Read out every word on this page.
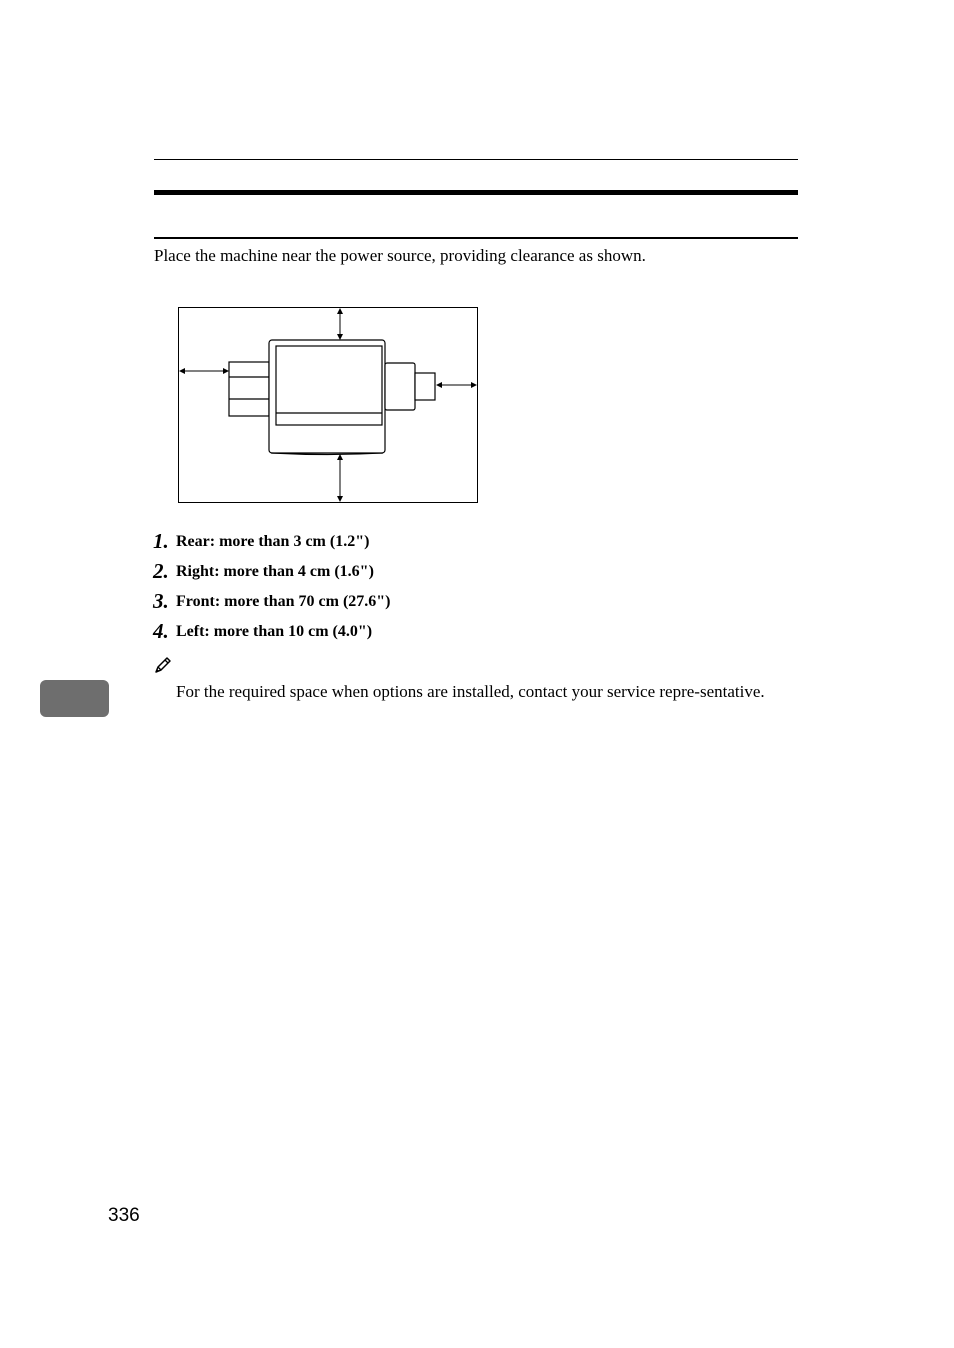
Place the machine near the power source, providing clearance as shown.
1. Rear: more than 3 cm (1.2")
2. Right: more than 4 cm (1.6")
3. Front: more than 70 cm (27.6")
4. Left: more than 10 cm (4.0")
For the required space when options are installed, contact your service repre-sentative.
336
